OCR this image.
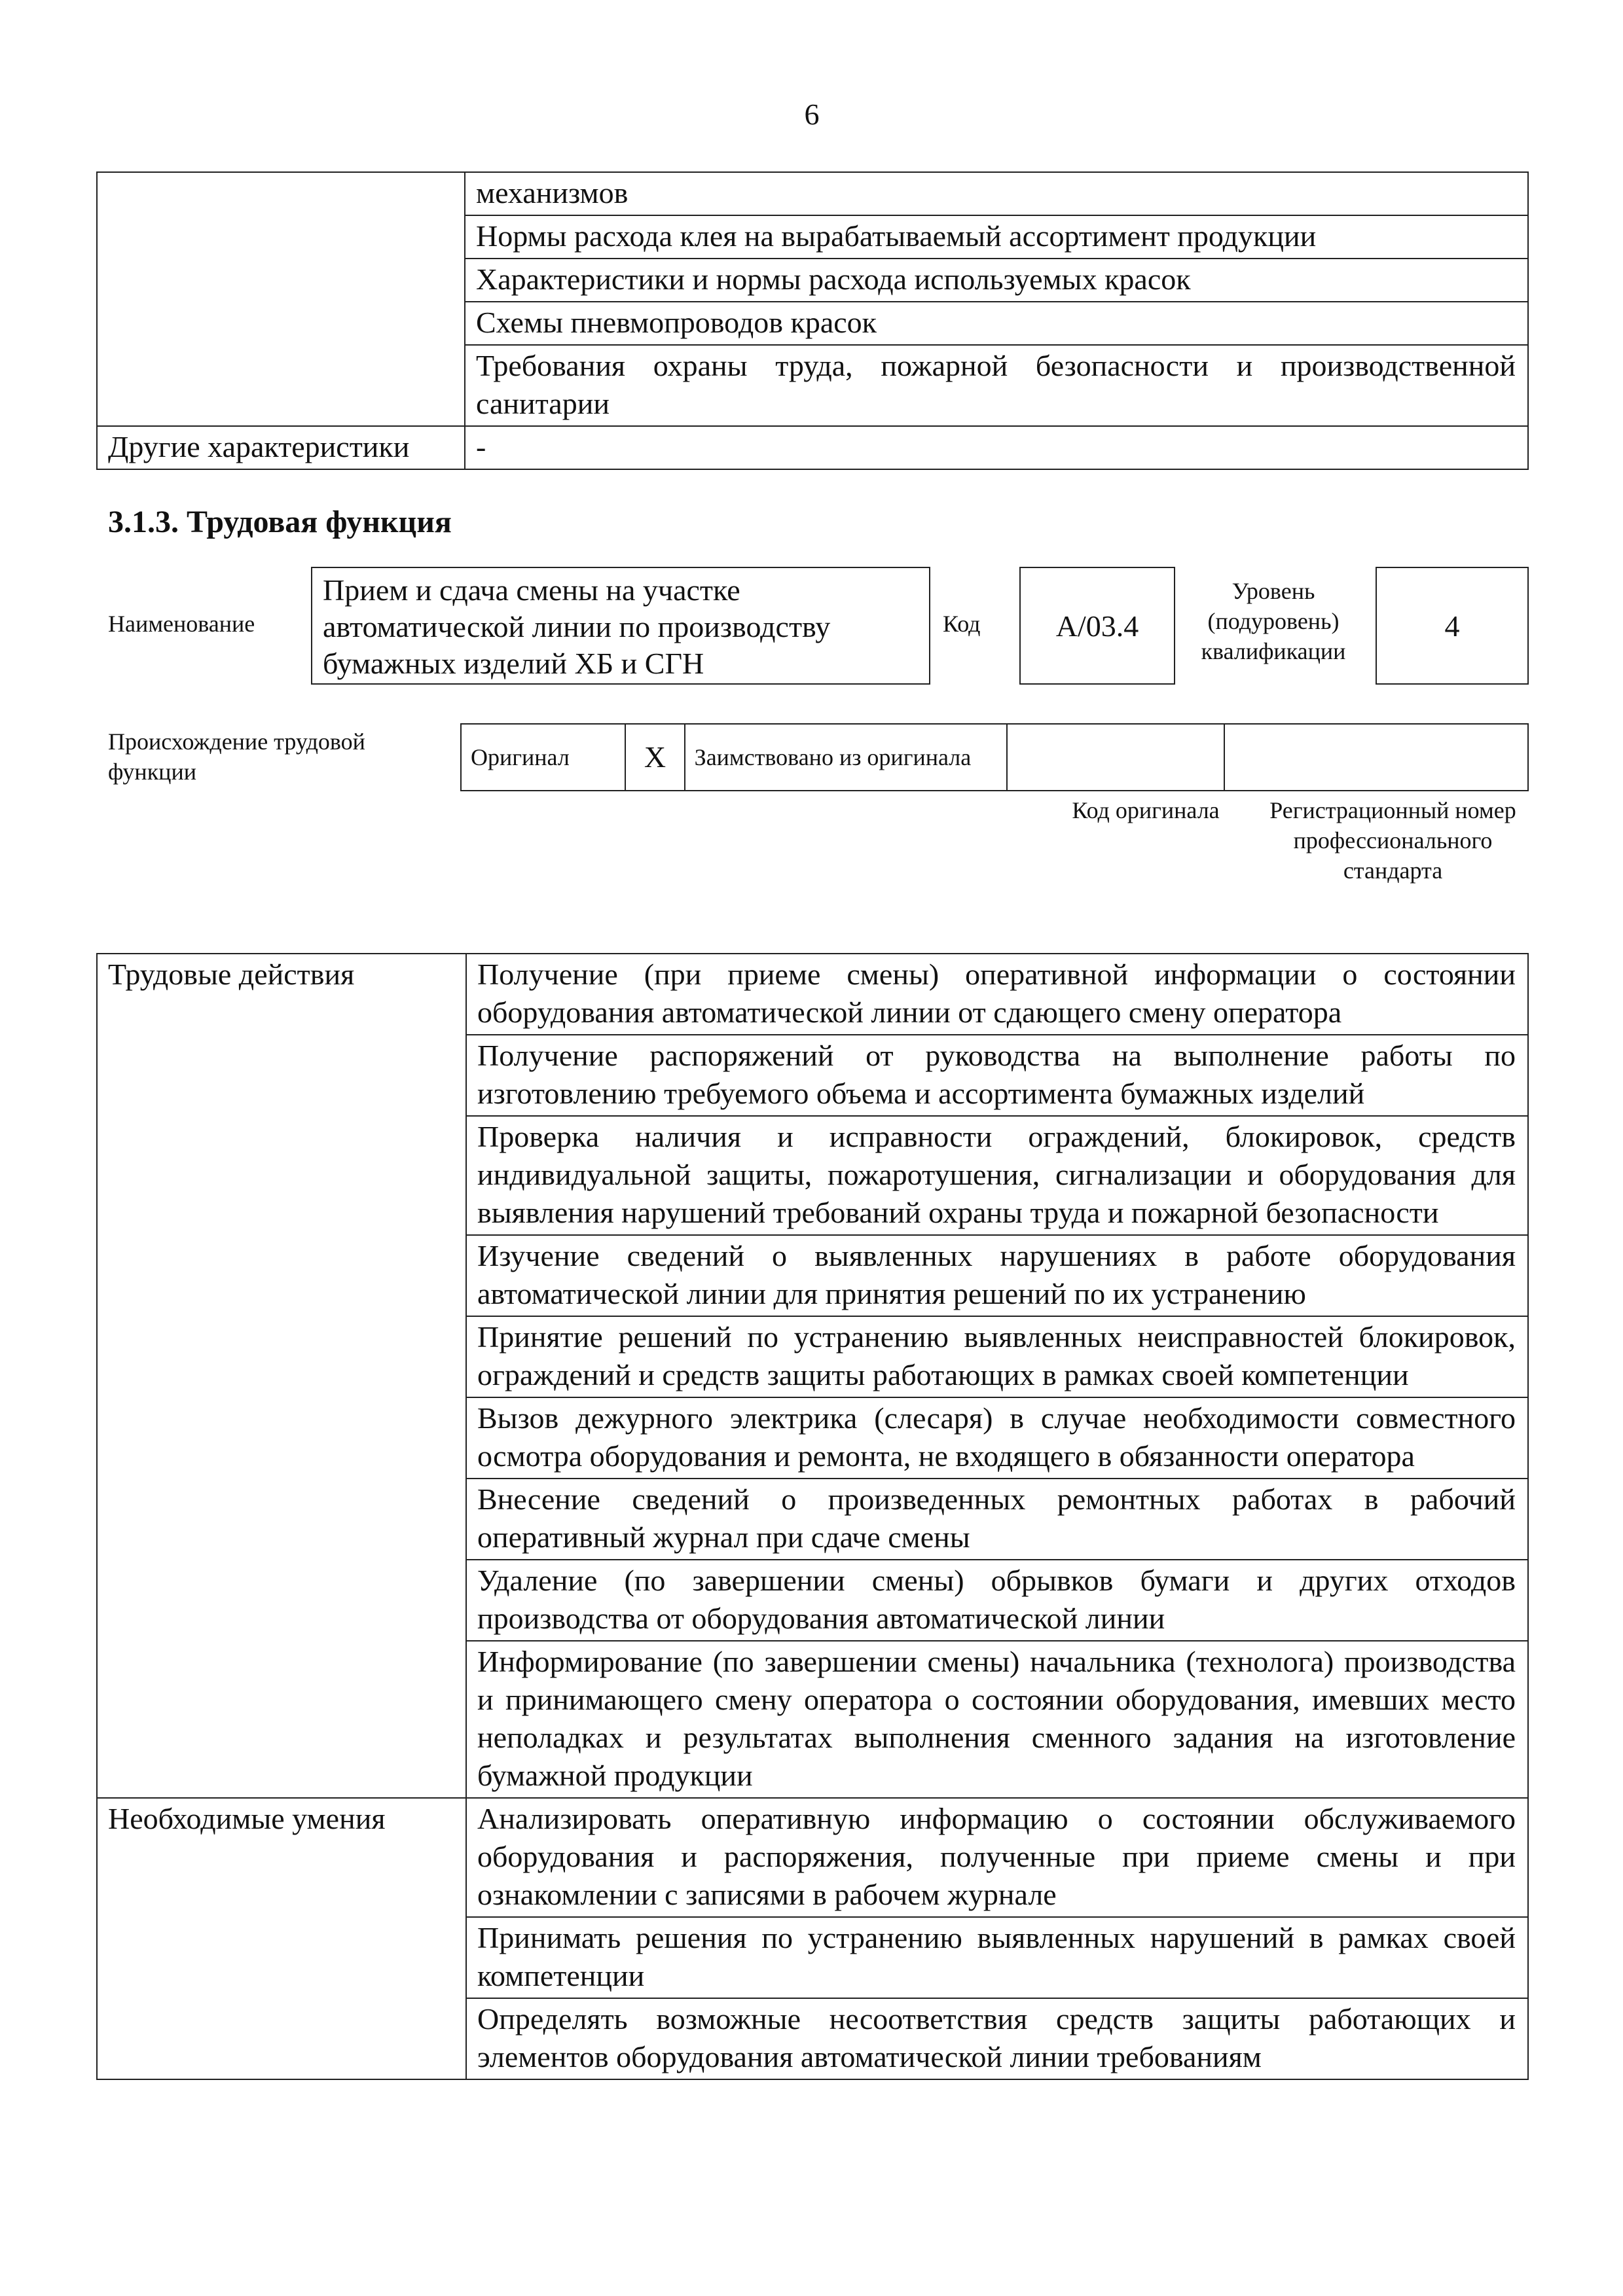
6
	механизмов
	Нормы расхода клея на вырабатываемый ассортимент продукции
	Характеристики и нормы расхода используемых красок
	Схемы пневмопроводов красок
	Требования охраны труда, пожарной безопасности и производственной санитарии
Другие характеристики	-
3.1.3. Трудовая функция
Наименование
Прием и сдача смены на участке автоматической линии по производству бумажных изделий ХБ и СГН
Код	А/03.4
Уровень (подуровень) квалификации
4
Происхождение трудовой функции
Оригинал	X	Заимствовано из оригинала		
Код оригинала	Регистрационный номер профессионального стандарта
Трудовые действия	Получение (при приеме смены) оперативной информации о состоянии оборудования автоматической линии от сдающего смену оператора
	Получение распоряжений от руководства на выполнение работы по изготовлению требуемого объема и ассортимента бумажных изделий
	Проверка наличия и исправности ограждений, блокировок, средств индивидуальной защиты, пожаротушения, сигнализации и оборудования для выявления нарушений требований охраны труда и пожарной безопасности
	Изучение сведений о выявленных нарушениях в работе оборудования автоматической линии для принятия решений по их устранению
	Принятие решений по устранению выявленных неисправностей блокировок, ограждений и средств защиты работающих в рамках своей компетенции
	Вызов дежурного электрика (слесаря) в случае необходимости совместного осмотра оборудования и ремонта, не входящего в обязанности оператора
	Внесение сведений о произведенных ремонтных работах в рабочий оперативный журнал при сдаче смены
	Удаление (по завершении смены) обрывков бумаги и других отходов производства от оборудования автоматической линии
	Информирование (по завершении смены) начальника (технолога) производства и принимающего смену оператора о состоянии оборудования, имевших место неполадках и результатах выполнения сменного задания на изготовление бумажной продукции
Необходимые умения	Анализировать оперативную информацию о состоянии обслуживаемого оборудования и распоряжения, полученные при приеме смены и при ознакомлении с записями в рабочем журнале
	Принимать решения по устранению выявленных нарушений в рамках своей компетенции
	Определять возможные несоответствия средств защиты работающих и элементов оборудования автоматической линии требованиям
